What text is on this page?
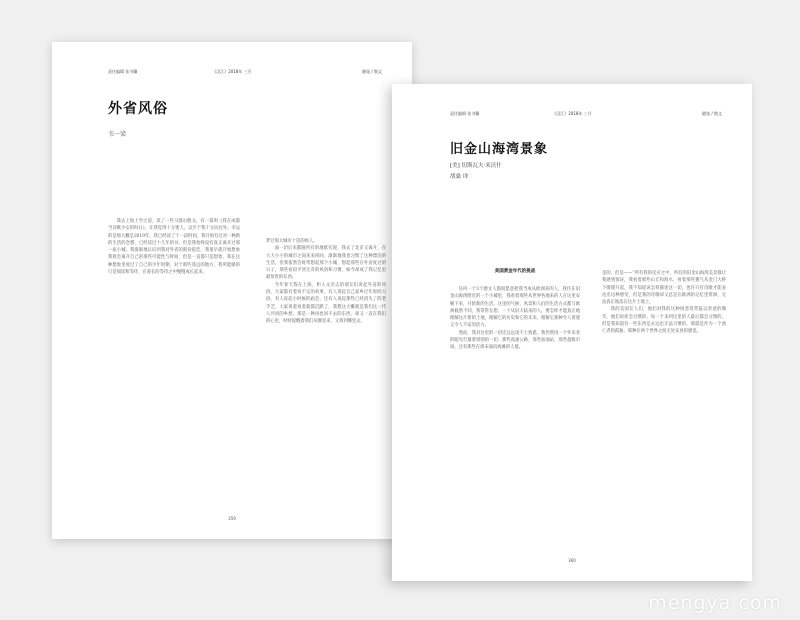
责任编辑 张书馨	《汉江》2018年 三月	随笔 / 散文
外省风俗
韦一梁

我去上海上学之前，读了一些马塞尔散文，有一篇叫《我在成都当诗歌少女的时日》，让我觉得十分迷人。以至于我十分向往外。幸运的是那大概是2019年，我已经读了十一段时间，我开始有过对一种新的生活的念想，已经读过十几年的书，但是我始终没有真正离开过那一座小城，我渐渐地认识到我对外省的那份依恋，我很早就开始想象我将会离开自己的那些可能性与时间，但是一直都只是想象，我在这种想象里度过了自己的少年时期，对于那些遥远的地方，我所能做的只是阅读和等待，在漫长的等待之中慢慢成长起来。

梦过那大城市十倍的烦人。

面一切后来都随所有的地狱实现，我去了北京又离开，在大大小小的城市之间来来回回，渐渐地我也习惯了这种漂泊的生活，但我依然会时常想起那个小城，想起那些在外省度过的日子，那些看似平淡无奇的风俗和习惯，如今却成了我记忆里最珍贵的东西。

今年春天我在上海，和人文杂志的朋友们说起外省的风俗，大家都有着说不完的故事，有人说起自己家乡过年时的习俗，有人说起小时候的庙会，还有人说起那些已经消失了的老手艺，大家说着说着就都沉默了，我想这大概就是我们这一代人共同的乡愁，那是一种再也回不去的东西，却又一直在我们的心里，时时提醒着我们从哪里来，又将到哪里去。

359
责任编辑 张书馨	《汉江》2018年 三月	随笔 / 散文
旧金山海湾景象
[美] 切斯瓦夫·米沃什
胡桑 译
美国黄金年代的挑战

任何一个3个德文人都很愿意把我当成从欧洲来的人，我住在旧金山海湾附近的一个小城里，我看着那些从世界各地来的人在这里安顿下来，开始新的生活。这里的气候、风景和人们的生活方式都与欧洲截然不同，我常常在想，一个从旧大陆来的人，要怎样才能真正地理解这片新的土地，理解它的历史和它的未来，理解它那种令人着迷又令人不安的活力。

然而，我对这里的一切还远远谈不上熟悉，我仍然用一个外来者的眼光打量着周围的一切，那些高速公路、那些加油站、那些超级市场，还有那些在周末涌向海滩的人群。

是的，但是——”所有我的反应之中，所有的旧金山海湾美景都让我感到惊讶，我看着那些山丘和海水，看着那些雾气从金门大桥下缓缓升起，我不知道该怎样描述这一切，也许只有诗歌才能表达出这种感受，但是我的诗歌却又总是在欧洲的记忆里徘徊，无法真正地落在这片土地上。

我的美国友人们，他们对我的这种困惑常常报以善意的微笑，他们说你会习惯的，每一个来到这里的人最后都会习惯的，但是我知道有一些东西是永远也无法习惯的，那就是作为一个流亡者的孤独，那种在两个世界之间无处安放的感觉。

360
mengya.com
